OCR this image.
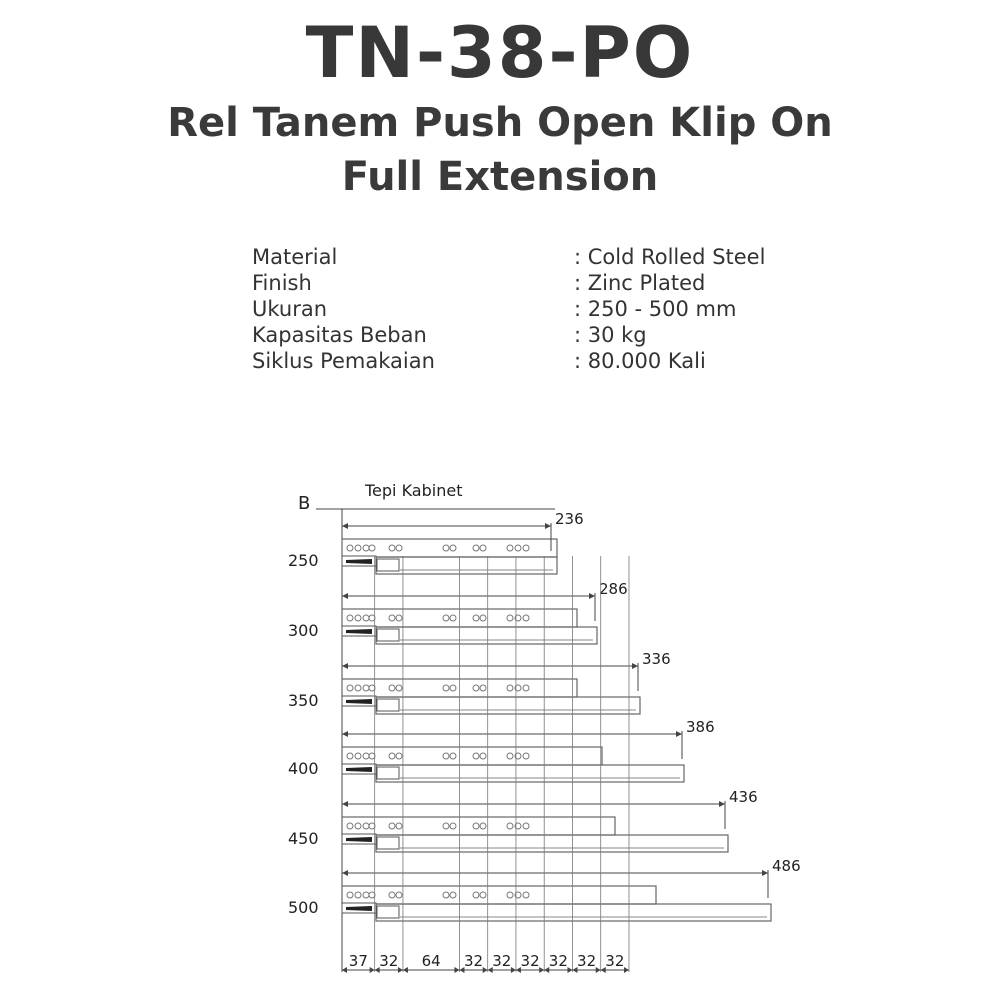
TN-38-PO
Rel Tanem Push Open Klip On
Full Extension
Material	: Cold Rolled Steel
Finish	: Zinc Plated
Ukuran	: 250 - 500 mm
Kapasitas Beban	: 30 kg
Siklus Pemakaian	: 80.000 Kali
B
Tepi Kabinet
250
236
300
286
350
336
400
386
450
436
500
486
37 32 64 32 32 32 32 32 32
